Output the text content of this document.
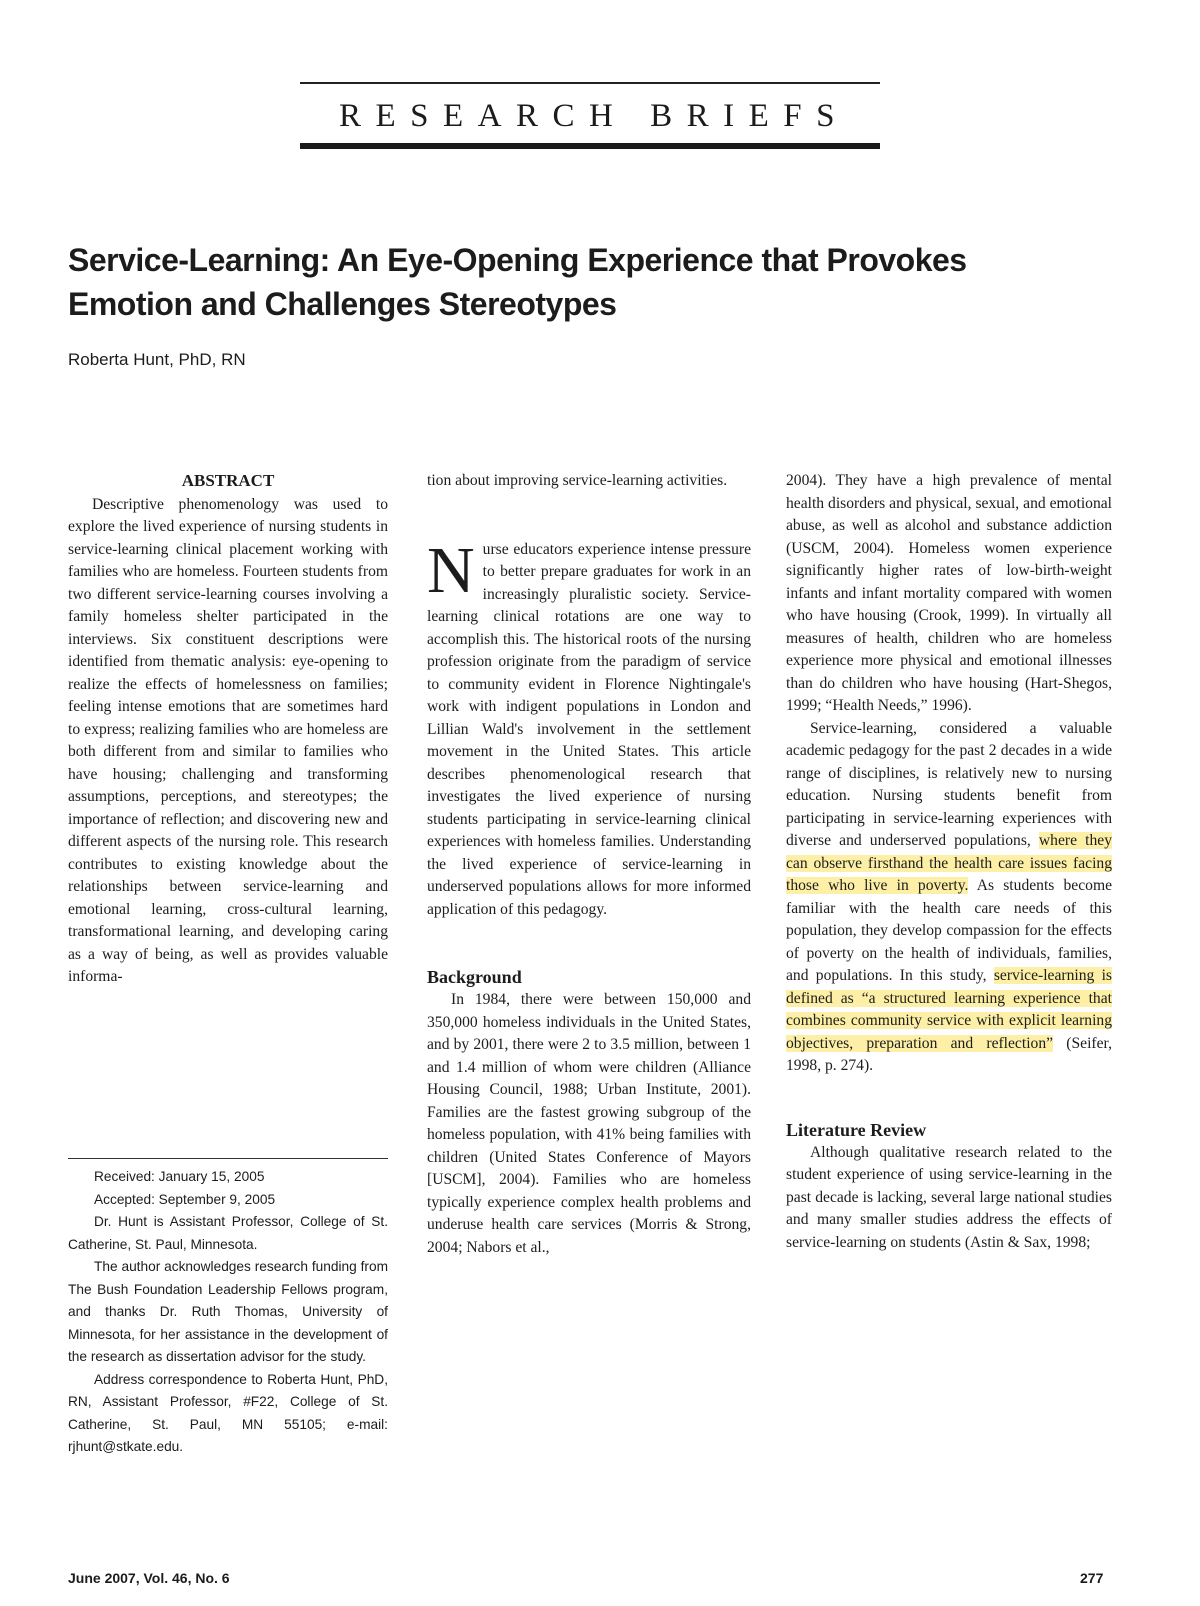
RESEARCH BRIEFS
Service-Learning: An Eye-Opening Experience that Provokes
Emotion and Challenges Stereotypes
Roberta Hunt, PhD, RN

ABSTRACT

Descriptive phenomenology was used to explore the lived experience of nursing students in service-learning clinical placement working with families who are homeless. Fourteen students from two different service-learning courses involving a family homeless shelter participated in the interviews. Six constituent descriptions were identified from thematic analysis: eye-opening to realize the effects of homelessness on families; feeling intense emotions that are sometimes hard to express; realizing families who are homeless are both different from and similar to families who have housing; challenging and transforming assumptions, perceptions, and stereotypes; the importance of reflection; and discovering new and different aspects of the nursing role. This research contributes to existing knowledge about the relationships between service-learning and emotional learning, cross-cultural learning, transformational learning, and developing caring as a way of being, as well as provides valuable informa-

Received: January 15, 2005

Accepted: September 9, 2005

Dr. Hunt is Assistant Professor, College of St. Catherine, St. Paul, Minnesota.

The author acknowledges research funding from The Bush Foundation Leadership Fellows program, and thanks Dr. Ruth Thomas, University of Minnesota, for her assistance in the development of the research as dissertation advisor for the study.

Address correspondence to Roberta Hunt, PhD, RN, Assistant Professor, #F22, College of St. Catherine, St. Paul, MN 55105; e-mail: rjhunt@stkate.edu.

tion about improving service-learning activities.

Nurse educators experience intense pressure to better prepare graduates for work in an increasingly pluralistic society. Service-learning clinical rotations are one way to accomplish this. The historical roots of the nursing profession originate from the paradigm of service to community evident in Florence Nightingale's work with indigent populations in London and Lillian Wald's involvement in the settlement movement in the United States. This article describes phenomenological research that investigates the lived experience of nursing students participating in service-learning clinical experiences with homeless families. Understanding the lived experience of service-learning in underserved populations allows for more informed application of this pedagogy.

Background

In 1984, there were between 150,000 and 350,000 homeless individuals in the United States, and by 2001, there were 2 to 3.5 million, between 1 and 1.4 million of whom were children (Alliance Housing Council, 1988; Urban Institute, 2001). Families are the fastest growing subgroup of the homeless population, with 41% being families with children (United States Conference of Mayors [USCM], 2004). Families who are homeless typically experience complex health problems and underuse health care services (Morris & Strong, 2004; Nabors et al.,

2004). They have a high prevalence of mental health disorders and physical, sexual, and emotional abuse, as well as alcohol and substance addiction (USCM, 2004). Homeless women experience significantly higher rates of low-birth-weight infants and infant mortality compared with women who have housing (Crook, 1999). In virtually all measures of health, children who are homeless experience more physical and emotional illnesses than do children who have housing (Hart-Shegos, 1999; “Health Needs,” 1996).

Service-learning, considered a valuable academic pedagogy for the past 2 decades in a wide range of disciplines, is relatively new to nursing education. Nursing students benefit from participating in service-learning experiences with diverse and underserved populations, where they can observe firsthand the health care issues facing those who live in poverty. As students become familiar with the health care needs of this population, they develop compassion for the effects of poverty on the health of individuals, families, and populations. In this study, service-learning is defined as “a structured learning experience that combines community service with explicit learning objectives, preparation and reflection” (Seifer, 1998, p. 274).

Literature Review

Although qualitative research related to the student experience of using service-learning in the past decade is lacking, several large national studies and many smaller studies address the effects of service-learning on students (Astin & Sax, 1998;

June 2007, Vol. 46, No. 6	277
